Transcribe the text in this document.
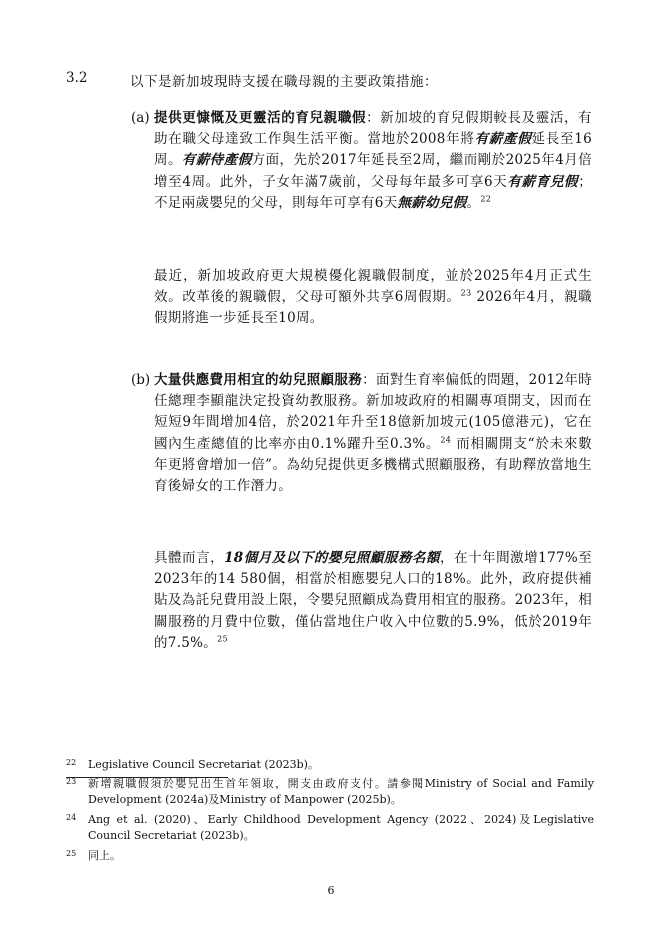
3.2	以下是新加坡現時支援在職母親的主要政策措施：
(a) 提供更慷慨及更靈活的育兒親職假：新加坡的育兒假期較長及靈活，有助在職父母達致工作與生活平衡。當地於2008年將有薪產假延長至16周。有薪侍產假方面，先於2017年延長至2周，繼而剛於2025年4月倍增至4周。此外，子女年滿7歲前，父母每年最多可享6天有薪育兒假；不足兩歲嬰兒的父母，則每年可享有6天無薪幼兒假。$^{22}$

最近，新加坡政府更大規模優化親職假制度，並於2025年4月正式生效。改革後的親職假，父母可額外共享6周假期。$^{23}$ 2026年4月，親職假期將進一步延長至10周。

(b) 大量供應費用相宜的幼兒照顧服務：面對生育率偏低的問題，2012年時任總理李顯龍決定投資幼教服務。新加坡政府的相關專項開支，因而在短短9年間增加4倍，於2021年升至18億新加坡元(105億港元)，它在國內生產總值的比率亦由0.1%躍升至0.3%。$^{24}$ 而相關開支“於未來數年更將會增加一倍”。為幼兒提供更多機構式照顧服務，有助釋放當地生育後婦女的工作潛力。

具體而言，18個月及以下的嬰兒照顧服務名額，在十年間激增177%至2023年的14 580個，相當於相應嬰兒人口的18%。此外，政府提供補貼及為託兒費用設上限，令嬰兒照顧成為費用相宜的服務。2023年，相關服務的月費中位數，僅佔當地住户收入中位數的5.9%，低於2019年的7.5%。$^{25}$

22 Legislative Council Secretariat (2023b)。
23 新增親職假須於嬰兒出生首年領取，開支由政府支付。請參閱Ministry of Social and Family Development (2024a)及Ministry of Manpower (2025b)。
24 Ang et al. (2020)、Early Childhood Development Agency (2022、2024)及Legislative Council Secretariat (2023b)。
25 同上。
6
